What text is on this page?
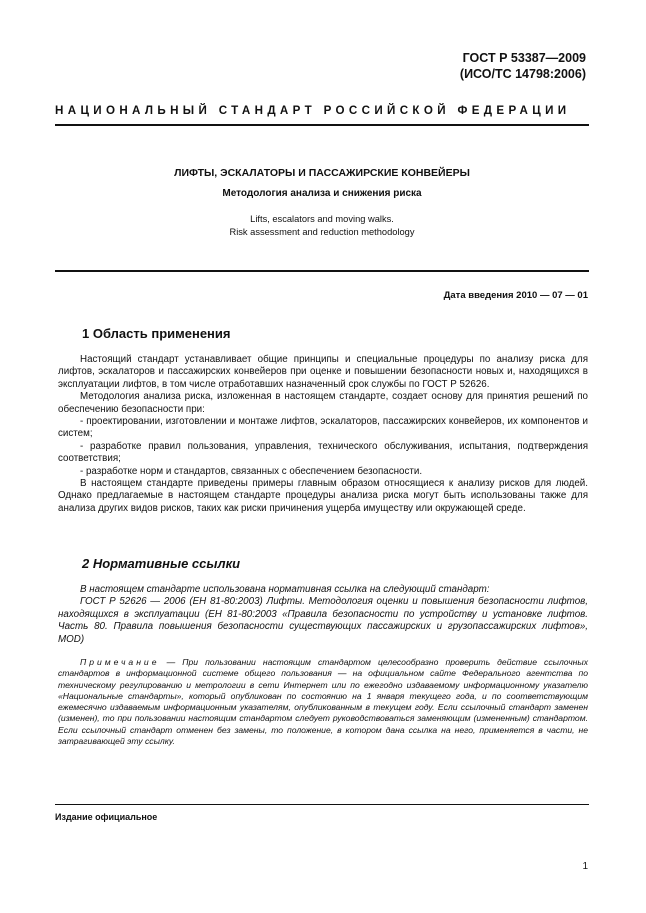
ГОСТ Р 53387—2009
(ИСО/ТС 14798:2006)
НАЦИОНАЛЬНЫЙ СТАНДАРТ РОССИЙСКОЙ ФЕДЕРАЦИИ
ЛИФТЫ, ЭСКАЛАТОРЫ И ПАССАЖИРСКИЕ КОНВЕЙЕРЫ
Методология анализа и снижения риска
Lifts, escalators and moving walks.
Risk assessment and reduction methodology
Дата введения 2010 — 07 — 01
1 Область применения

Настоящий стандарт устанавливает общие принципы и специальные процедуры по анализу риска для лифтов, эскалаторов и пассажирских конвейеров при оценке и повышении безопасности новых и, находящихся в эксплуатации лифтов, в том числе отработавших назначенный срок службы по ГОСТ Р 52626.

Методология анализа риска, изложенная в настоящем стандарте, создает основу для принятия решений по обеспечению безопасности при:

- проектировании, изготовлении и монтаже лифтов, эскалаторов, пассажирских конвейеров, их компонентов и систем;

- разработке правил пользования, управления, технического обслуживания, испытания, подтверждения соответствия;

- разработке норм и стандартов, связанных с обеспечением безопасности.

В настоящем стандарте приведены примеры главным образом относящиеся к анализу рисков для людей. Однако предлагаемые в настоящем стандарте процедуры анализа риска могут быть использованы также для анализа других видов рисков, таких как риски причинения ущерба имуществу или окружающей среде.

2 Нормативные ссылки

В настоящем стандарте использована нормативная ссылка на следующий стандарт:

ГОСТ Р 52626 — 2006 (ЕН 81-80:2003) Лифты. Методология оценки и повышения безопасности лифтов, находящихся в эксплуатации (ЕН 81-80:2003 «Правила безопасности по устройству и установке лифтов. Часть 80. Правила повышения безопасности существующих пассажирских и грузопассажирских лифтов», MOD)

Примечание — При пользовании настоящим стандартом целесообразно проверить действие ссылочных стандартов в информационной системе общего пользования — на официальном сайте Федерального агентства по техническому регулированию и метрологии в сети Интернет или по ежегодно издаваемому информационному указателю «Национальные стандарты», который опубликован по состоянию на 1 января текущего года, и по соответствующим ежемесячно издаваемым информационным указателям, опубликованным в текущем году. Если ссылочный стандарт заменен (изменен), то при пользовании настоящим стандартом следует руководствоваться заменяющим (измененным) стандартом. Если ссылочный стандарт отменен без замены, то положение, в котором дана ссылка на него, применяется в части, не затрагивающей эту ссылку.

Издание официальное
1
